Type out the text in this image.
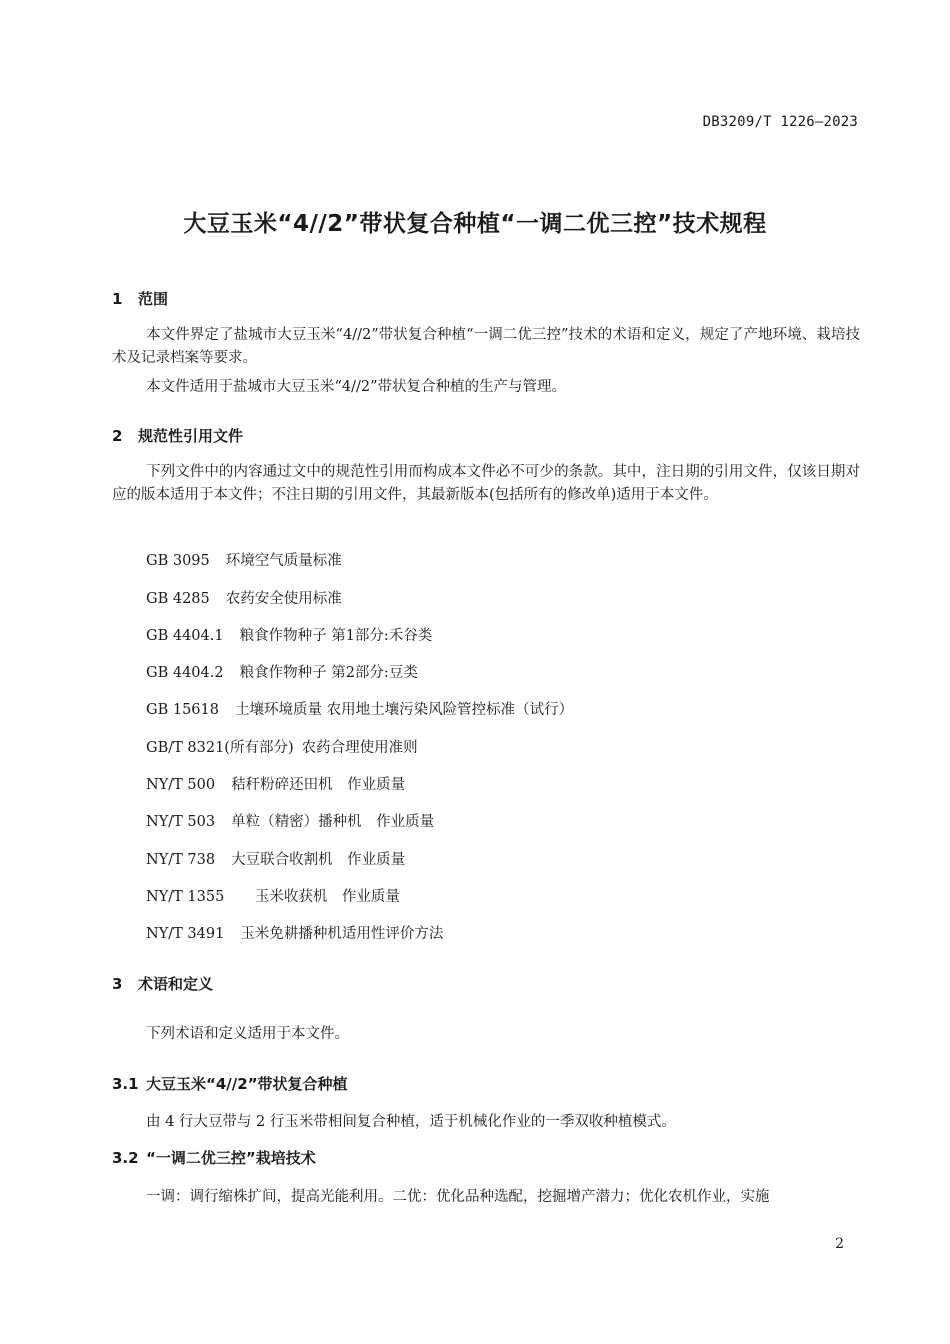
DB3209/T 1226—2023
大豆玉米“4//2”带状复合种植“一调二优三控”技术规程
1 范围
本文件界定了盐城市大豆玉米“4//2”带状复合种植“一调二优三控”技术的术语和定义，规定了产地环境、栽培技术及记录档案等要求。
本文件适用于盐城市大豆玉米“4//2”带状复合种植的生产与管理。
2 规范性引用文件
下列文件中的内容通过文中的规范性引用而构成本文件必不可少的条款。其中，注日期的引用文件，仅该日期对应的版本适用于本文件；不注日期的引用文件，其最新版本(包括所有的修改单)适用于本文件。
GB 3095 环境空气质量标准
GB 4285 农药安全使用标准
GB 4404.1 粮食作物种子 第1部分:禾谷类
GB 4404.2 粮食作物种子 第2部分:豆类
GB 15618 土壤环境质量 农用地土壤污染风险管控标准（试行）
GB/T 8321(所有部分) 农药合理使用准则
NY/T 500 秸秆粉碎还田机　作业质量
NY/T 503 单粒（精密）播种机　作业质量
NY/T 738 大豆联合收割机　作业质量
NY/T 1355　玉米收获机　作业质量
NY/T 3491 玉米免耕播种机适用性评价方法
3 术语和定义
下列术语和定义适用于本文件。
3.1 大豆玉米“4//2”带状复合种植
由 4 行大豆带与 2 行玉米带相间复合种植，适于机械化作业的一季双收种植模式。
3.2 “一调二优三控”栽培技术
一调：调行缩株扩间，提高光能利用。二优：优化品种选配，挖掘增产潜力；优化农机作业，实施
2
